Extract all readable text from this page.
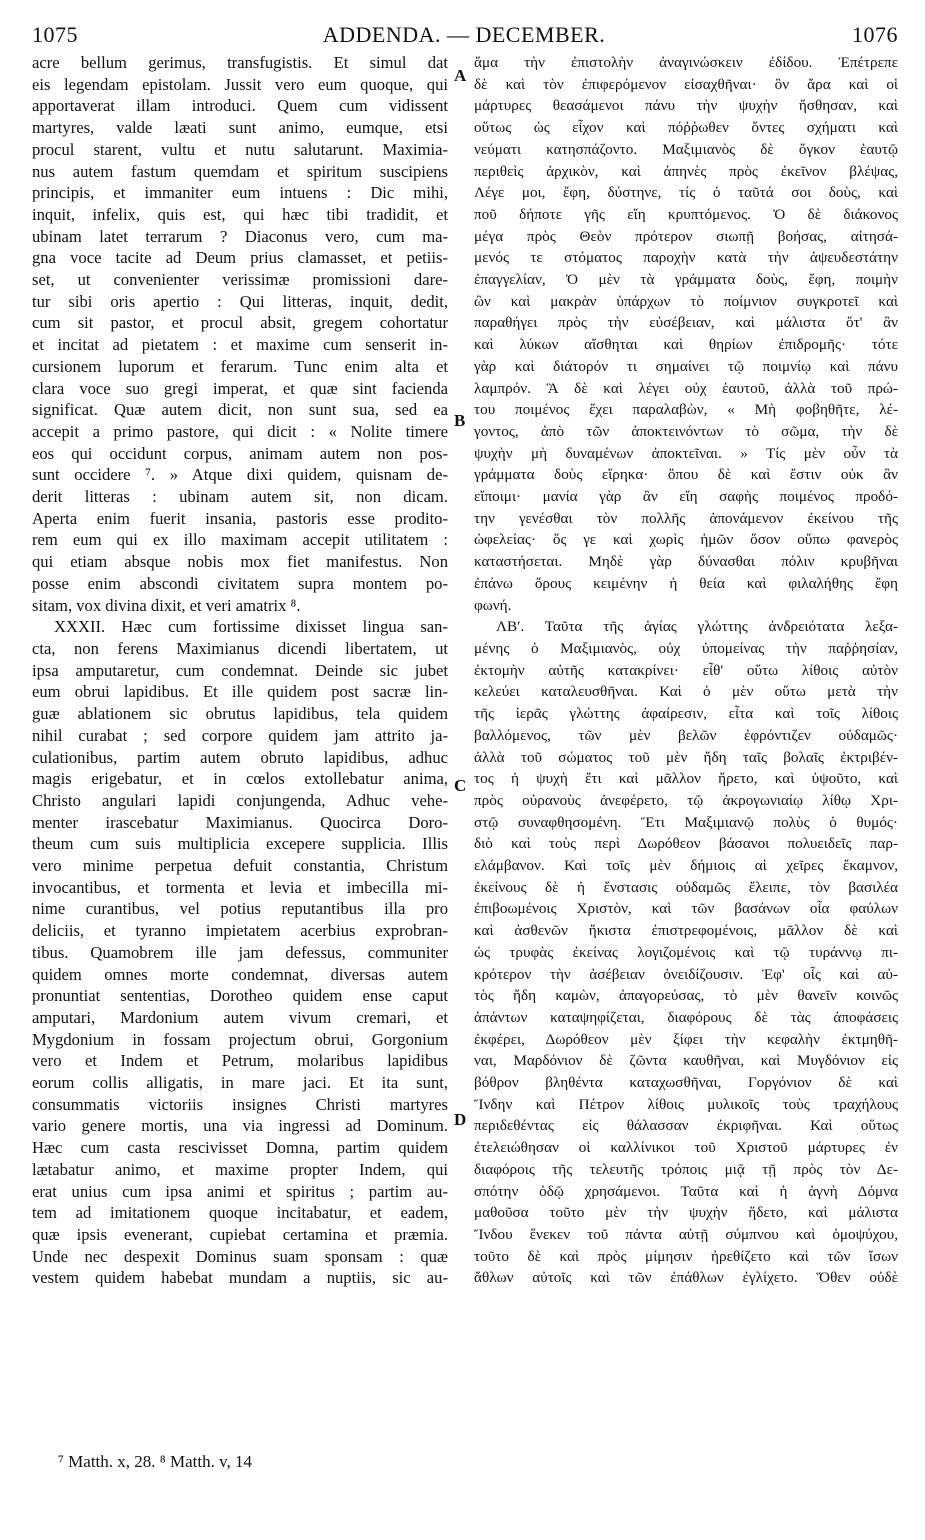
1075	ADDENDA. — DECEMBER.	1076
acre bellum gerimus, transfugistis. Et simul dat
eis legendam epistolam. Jussit vero eum quoque, qui
apportaverat illam introduci. Quem cum vidissent
martyres, valde læati sunt animo, eumque, etsi
procul starent, vultu et nutu salutarunt. Maximia-
nus autem fastum quemdam et spiritum suscipiens
principis, et immaniter eum intuens : Dic mihi,
inquit, infelix, quis est, qui hæc tibi tradidit, et
ubinam latet terrarum ? Diaconus vero, cum ma-
gna voce tacite ad Deum prius clamasset, et petiis-
set, ut convenienter verissimæ promissioni dare-
tur sibi oris apertio : Qui litteras, inquit, dedit,
cum sit pastor, et procul absit, gregem cohortatur
et incitat ad pietatem : et maxime cum senserit in-
cursionem luporum et ferarum. Tunc enim alta et
clara voce suo gregi imperat, et quæ sint facienda
significat. Quæ autem dicit, non sunt sua, sed ea
accepit a primo pastore, qui dicit : « Nolite timere
eos qui occidunt corpus, animam autem non pos-
sunt occidere ⁷. » Atque dixi quidem, quisnam de-
derit litteras : ubinam autem sit, non dicam.
Aperta enim fuerit insania, pastoris esse prodito-
rem eum qui ex illo maximam accepit utilitatem :
qui etiam absque nobis mox fiet manifestus. Non
posse enim abscondi civitatem supra montem po-
sitam, vox divina dixit, et veri amatrix ⁸.
XXXII. Hæc cum fortissime dixisset lingua san-
cta, non ferens Maximianus dicendi libertatem, ut
ipsa amputaretur, cum condemnat. Deinde sic jubet
eum obrui lapidibus. Et ille quidem post sacræ lin-
guæ ablationem sic obrutus lapidibus, tela quidem
nihil curabat ; sed corpore quidem jam attrito ja-
culationibus, partim autem obruto lapidibus, adhuc
magis erigebatur, et in cœlos extollebatur anima,
Christo angulari lapidi conjungenda, Adhuc vehe-
menter irascebatur Maximianus. Quocirca Doro-
theum cum suis multiplicia excepere supplicia. Illis
vero minime perpetua defuit constantia, Christum
invocantibus, et tormenta et levia et imbecilla mi-
nime curantibus, vel potius reputantibus illa pro
deliciis, et tyranno impietatem acerbius exprobran-
tibus. Quamobrem ille jam defessus, communiter
quidem omnes morte condemnat, diversas autem
pronuntiat sententias, Dorotheo quidem ense caput
amputari, Mardonium autem vivum cremari, et
Mygdonium in fossam projectum obrui, Gorgonium
vero et Indem et Petrum, molaribus lapidibus
eorum collis alligatis, in mare jaci. Et ita sunt,
consummatis victoriis insignes Christi martyres
vario genere mortis, una via ingressi ad Dominum.
Hæc cum casta rescivisset Domna, partim quidem
lætabatur animo, et maxime propter Indem, qui
erat unius cum ipsa animi et spiritus ; partim au-
tem ad imitationem quoque incitabatur, et eadem,
quæ ipsis evenerant, cupiebat certamina et præmia.
Unde nec despexit Dominus suam sponsam : quæ
vestem quidem habebat mundam a nuptiis, sic au-
ἅμα τὴν ἐπιστολὴν ἀναγινώσκειν ἐδίδου. Ἐπέτρεπε
δὲ καὶ τὸν ἐπιφερόμενον εἰσαχθῆναι· ὃν ἄρα καὶ οἱ
μάρτυρες θεασάμενοι πάνυ τὴν ψυχὴν ἥσθησαν, καὶ
οὕτως ὡς εἶχον καὶ πόῤῥωθεν ὄντες σχήματι καὶ
νεύματι κατησπάζοντο. Μαξιμιανὸς δὲ ὄγκον ἑαυτῷ
περιθεὶς ἀρχικὸν, καὶ ἀπηνὲς πρὸς ἐκεῖνον βλέψας,
Λέγε μοι, ἔφη, δύστηνε, τίς ὁ ταῦτά σοι δοὺς, καὶ
ποῦ δήποτε γῆς εἴη κρυπτόμενος. Ὁ δὲ διάκονος
μέγα πρὸς Θεὸν πρότερον σιωπῇ βοήσας, αἰτησά-
μενός τε στόματος παροχὴν κατὰ τὴν ἀψευδεστάτην
ἐπαγγελίαν, Ὁ μὲν τὰ γράμματα δοὺς, ἔφη, ποιμὴν
ὢν καὶ μακρὰν ὑπάρχων τὸ ποίμνιον συγκροτεῖ καὶ
παραθήγει πρὸς τὴν εὐσέβειαν, καὶ μάλιστα ὅτ' ἂν
καὶ λύκων αἴσθηται καὶ θηρίων ἐπιδρομῆς· τότε
γὰρ καὶ διάτορόν τι σημαίνει τῷ ποιμνίῳ καὶ πάνυ
λαμπρόν. Ἃ δὲ καὶ λέγει οὐχ ἑαυτοῦ, ἀλλὰ τοῦ πρώ-
του ποιμένος ἔχει παραλαβὼν, « Μὴ φοβηθῆτε, λέ-
γοντος, ἀπὸ τῶν ἀποκτεινόντων τὸ σῶμα, τὴν δὲ
ψυχὴν μὴ δυναμένων ἀποκτεῖναι. » Τίς μὲν οὖν τὰ
γράμματα δοὺς εἴρηκα· ὅπου δὲ καὶ ἔστιν οὐκ ἂν
εἴποιμι· μανία γὰρ ἂν εἴη σαφὴς ποιμένος προδό-
την γενέσθαι τὸν πολλῆς ἀπονάμενον ἐκείνου τῆς
ὠφελείας· ὅς γε καὶ χωρὶς ἡμῶν ὅσον οὔπω φανερὸς
καταστήσεται. Μηδὲ γὰρ δύνασθαι πόλιν κρυβῆναι
ἐπάνω ὄρους κειμένην ἡ θεία καὶ φιλαλήθης ἔφη
φωνή.
ΛΒʹ. Ταῦτα τῆς ἁγίας γλώττης ἀνδρειότατα λεξα-
μένης ὁ Μαξιμιανὸς, οὐχ ὑπομείνας τὴν παῤῥησίαν,
ἐκτομὴν αὐτῆς κατακρίνει· εἶθ' οὕτω λίθοις αὐτὸν
κελεύει καταλευσθῆναι. Καὶ ὁ μὲν οὕτω μετὰ τὴν
τῆς ἱερᾶς γλώττης ἀφαίρεσιν, εἶτα καὶ τοῖς λίθοις
βαλλόμενος, τῶν μὲν βελῶν ἐφρόντιζεν οὐδαμῶς·
ἀλλὰ τοῦ σώματος τοῦ μὲν ἤδη ταῖς βολαῖς ἐκτριβέν-
τος ἡ ψυχὴ ἔτι καὶ μᾶλλον ἤρετο, καὶ ὑψοῦτο, καὶ
πρὸς οὐρανοὺς ἀνεφέρετο, τῷ ἀκρογωνιαίῳ λίθῳ Χρι-
στῷ συναφθησομένη. Ἔτι Μαξιμιανῷ πολὺς ὁ θυμός·
διὸ καὶ τοὺς περὶ Δωρόθεον βάσανοι πολυειδεῖς παρ-
ελάμβανον. Καὶ τοῖς μὲν δήμιοις αἱ χεῖρες ἔκαμνον,
ἐκείνους δὲ ἡ ἔνστασις οὐδαμῶς ἔλειπε, τὸν βασιλέα
ἐπιβοωμένοις Χριστὸν, καὶ τῶν βασάνων οἷα φαύλων
καὶ ἀσθενῶν ἥκιστα ἐπιστρεφομένοις, μᾶλλον δὲ καὶ
ὡς τρυφὰς ἐκείνας λογιζομένοις καὶ τῷ τυράννῳ πι-
κρότερον τὴν ἀσέβειαν ὀνειδίζουσιν. Ἐφ' οἷς καὶ αὐ-
τὸς ἤδη καμὼν, ἀπαγορεύσας, τὸ μὲν θανεῖν κοινῶς
ἁπάντων καταψηφίζεται, διαφόρους δὲ τὰς ἀποφάσεις
ἐκφέρει, Δωρόθεον μὲν ξίφει τὴν κεφαλὴν ἐκτμηθῆ-
ναι, Μαρδόνιον δὲ ζῶντα καυθῆναι, καὶ Μυγδόνιον εἰς
βόθρον βληθέντα καταχωσθῆναι, Γοργόνιον δὲ καὶ
Ἴνδην καὶ Πέτρον λίθοις μυλικοῖς τοὺς τραχήλους
περιδεθέντας εἰς θάλασσαν ἐκριφῆναι. Καὶ οὕτως
ἐτελειώθησαν οἱ καλλίνικοι τοῦ Χριστοῦ μάρτυρες ἐν
διαφόροις τῆς τελευτῆς τρόποις μιᾷ τῇ πρὸς τὸν Δε-
σπότην ὁδῷ χρησάμενοι. Ταῦτα καὶ ἡ ἁγνὴ Δόμνα
μαθοῦσα τοῦτο μὲν τὴν ψυχὴν ἥδετο, καὶ μάλιστα
Ἴνδου ἕνεκεν τοῦ πάντα αὐτῇ σύμπνου καὶ ὁμοψύχου,
τοῦτο δὲ καὶ πρὸς μίμησιν ἠρεθίζετο καὶ τῶν ἴσων
ἄθλων αὐτοῖς καὶ τῶν ἐπάθλων ἐγλίχετο. Ὅθεν οὐδὲ
A
B
C
D
⁷ Matth. x, 28. ⁸ Matth. v, 14
